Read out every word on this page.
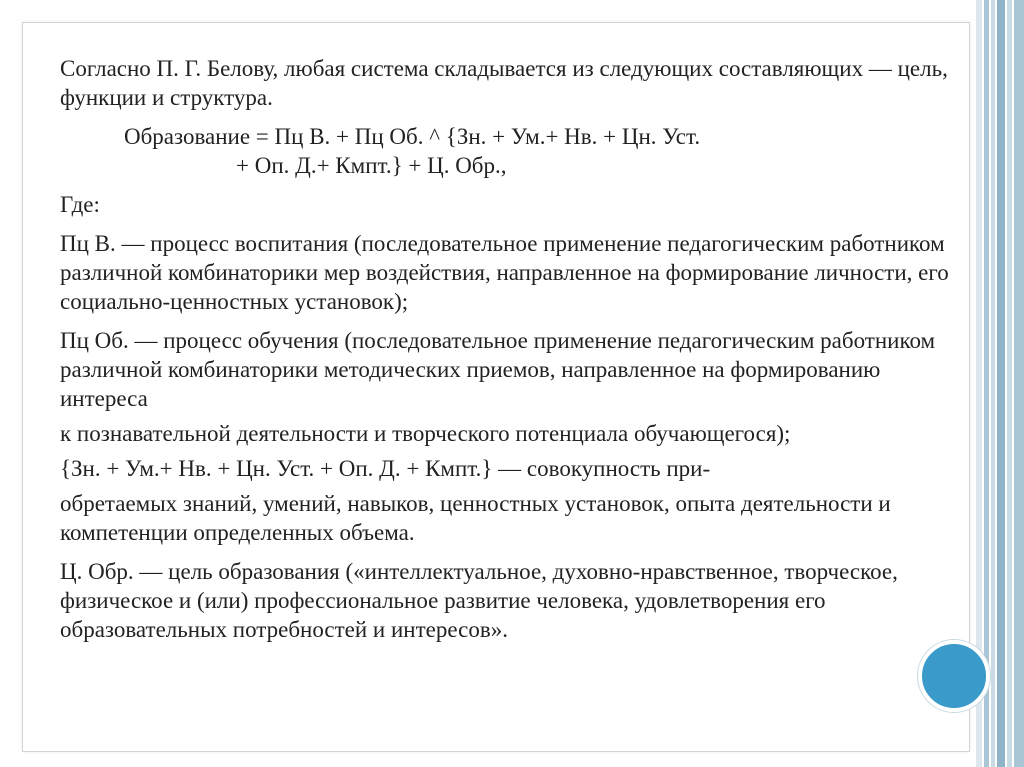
Согласно П. Г. Белову, любая система складывается из следующих составляющих — цель, функции и структура.

Образование = Пц В. + Пц Об. ^ {Зн. + Ум.+ Нв. + Цн. Уст.

+ Оп. Д.+ Кмпт.} + Ц. Обр.,

Где:

Пц В. — процесс воспитания (последовательное применение педагогическим работником различной комбинаторики мер воздействия, направленное на формирование личности, его социально-ценностных установок);

Пц Об. — процесс обучения (последовательное применение педагогическим работником различной комбинаторики методических приемов, направленное на формированию интереса

к познавательной деятельности и творческого потенциала обучающегося);

{Зн. + Ум.+ Нв. + Цн. Уст. + Оп. Д. + Кмпт.} — совокупность при-

обретаемых знаний, умений, навыков, ценностных установок, опыта деятельности и компетенции определенных объема.

Ц. Обр. — цель образования («интеллектуальное, духовно-нравственное, творческое, физическое и (или) профессиональное развитие человека, удовлетворения его образовательных потребностей и интересов».
